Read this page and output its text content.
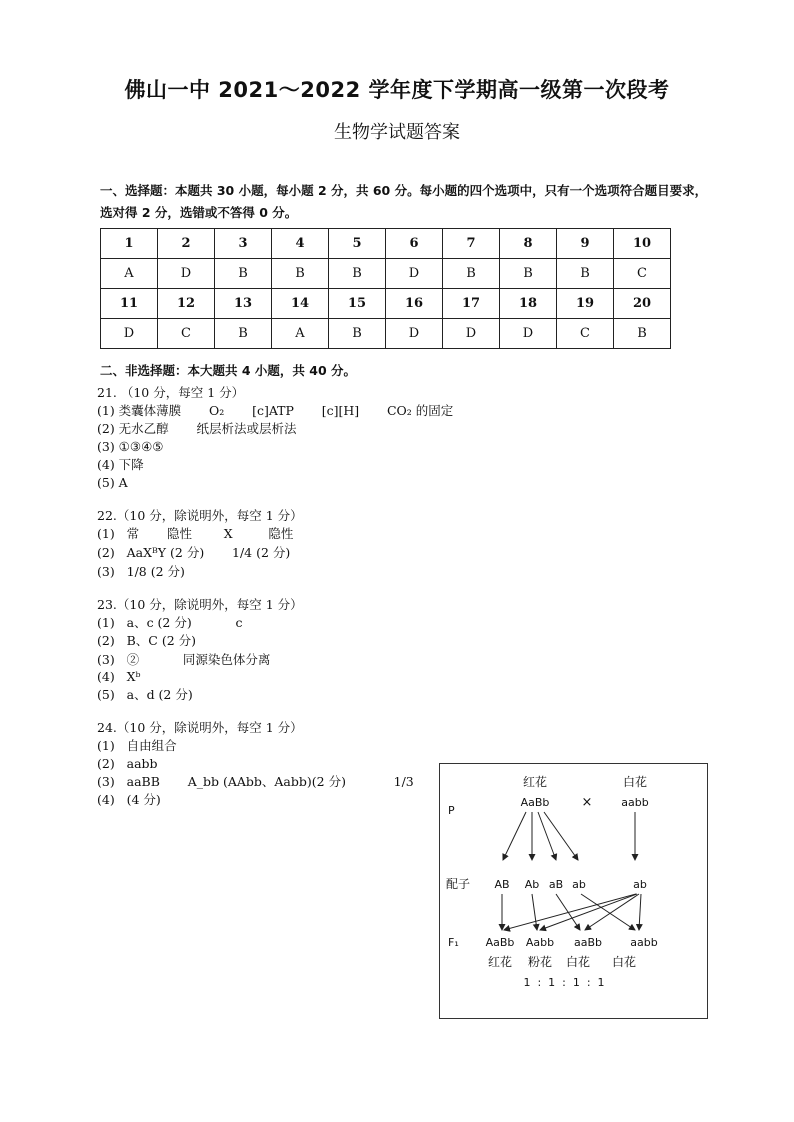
佛山一中 2021～2022 学年度下学期高一级第一次段考
生物学试题答案
一、选择题：本题共 30 小题，每小题 2 分，共 60 分。每小题的四个选项中，只有一个选项符合题目要求，选对得 2 分，选错或不答得 0 分。
1	2	3	4	5	6	7	8	9	10
A	D	B	B	B	D	B	B	B	C
11	12	13	14	15	16	17	18	19	20
D	C	B	A	B	D	D	D	C	B
二、非选择题：本大题共 4 小题，共 40 分。
21. （10 分，每空 1 分）
(1) 类囊体薄膜       O₂       [c]ATP       [c][H]       CO₂ 的固定
(2) 无水乙醇       纸层析法或层析法
(3) ①③④⑤
(4) 下降
(5) A
22.（10 分，除说明外，每空 1 分）
(1)   常       隐性        X         隐性
(2)   AaXᴮY (2 分)       1/4 (2 分)
(3)   1/8 (2 分)
23.（10 分，除说明外，每空 1 分）
(1)   a、c (2 分)           c
(2)   B、C (2 分)
(3)   ②           同源染色体分离
(4)   Xᵇ
(5)   a、d (2 分)
24.（10 分，除说明外，每空 1 分）
(1)   自由组合
(2)   aabb
(3)   aaBB       A_bb (AAbb、Aabb)(2 分)            1/3
(4)   (4 分)
P
红花
AaBb ×
白花
aabb
配子 AB Ab aB ab	ab
F₁ AaBb Aabb aaBb	aabb
红花 粉花 白花 白花
1  :  1  :  1  :  1
